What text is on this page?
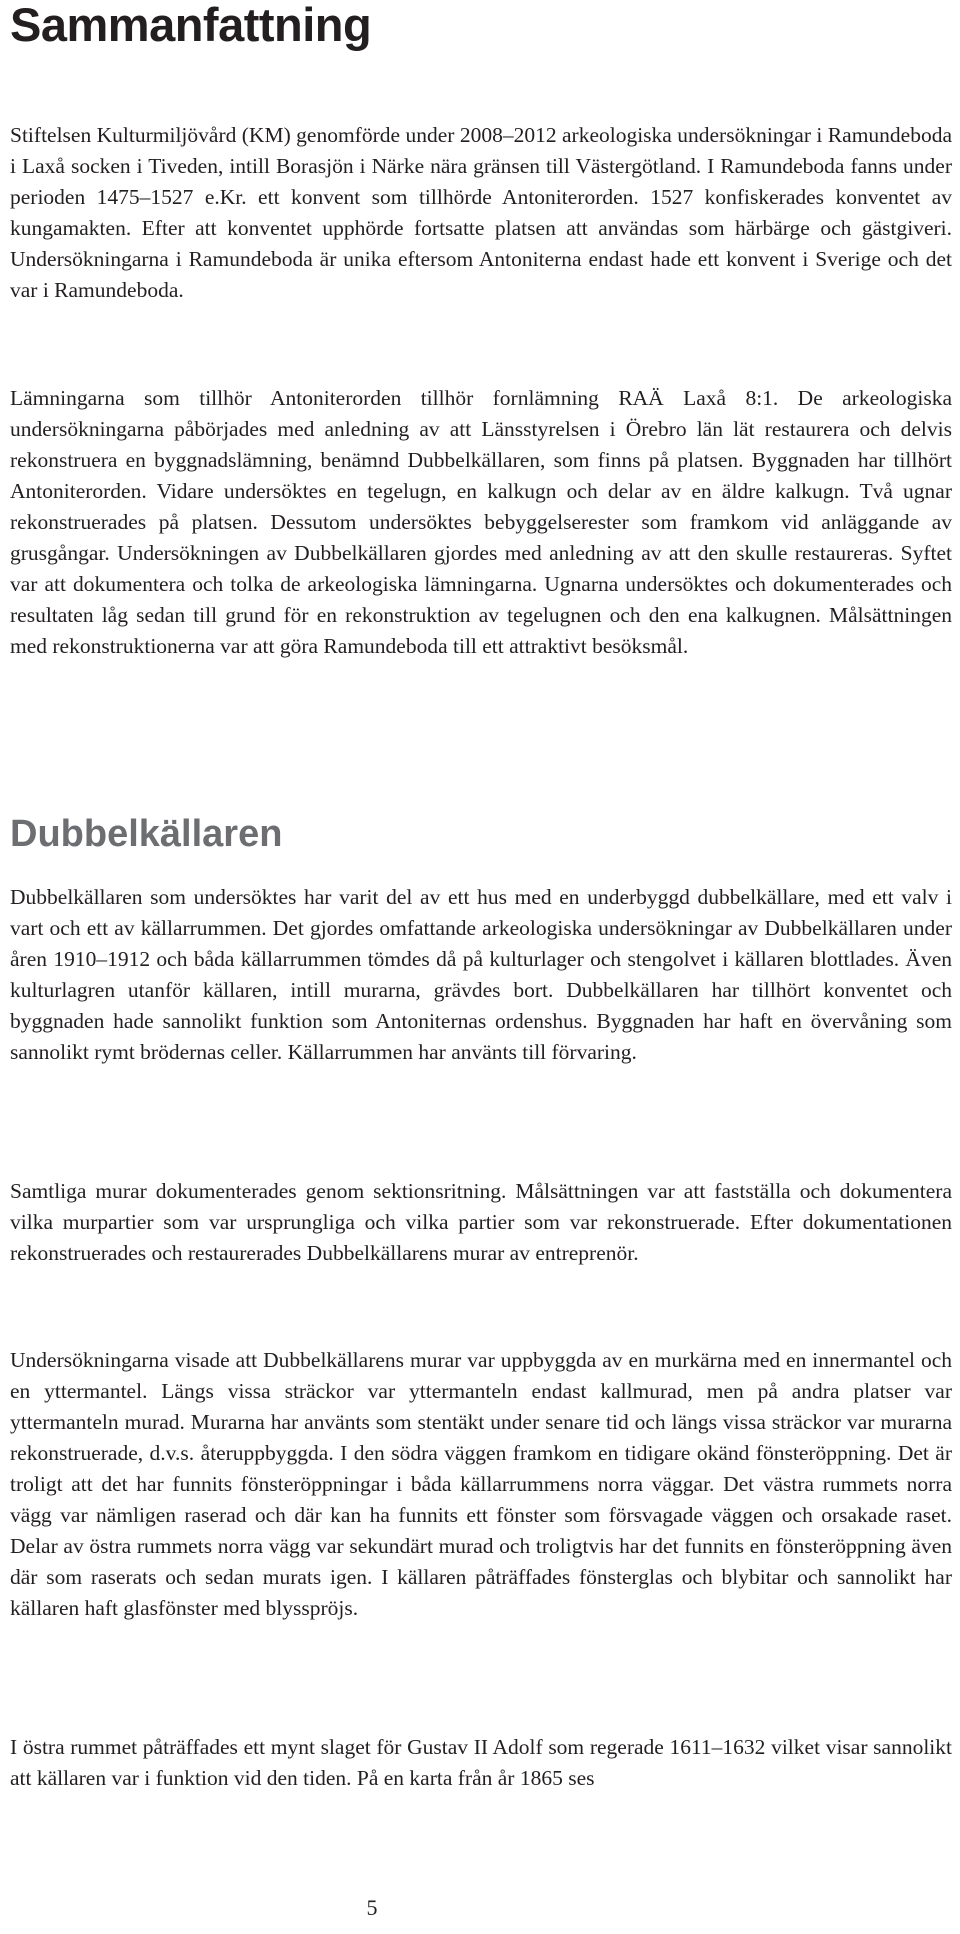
Sammanfattning

Stiftelsen Kulturmiljövård (KM) genomförde under 2008–2012 arkeologiska undersökningar i Ramundeboda i Laxå socken i Tiveden, intill Borasjön i Närke nära gränsen till Västergötland. I Ramundeboda fanns under perioden 1475–1527 e.Kr. ett konvent som tillhörde Antoniterorden. 1527 konfiskerades konventet av kungamakten. Efter att konventet upphörde fortsatte platsen att användas som härbärge och gästgiveri. Undersökningarna i Ramundeboda är unika eftersom Antoniterna endast hade ett konvent i Sverige och det var i Ramundeboda.

Lämningarna som tillhör Antoniterorden tillhör fornlämning RAÄ Laxå 8:1. De arkeologiska undersökningarna påbörjades med anledning av att Länsstyrelsen i Örebro län lät restaurera och delvis rekonstruera en byggnadslämning, benämnd Dubbelkällaren, som finns på platsen. Byggnaden har tillhört Antoniterorden. Vidare undersöktes en tegelugn, en kalkugn och delar av en äldre kalkugn. Två ugnar rekonstruerades på platsen. Dessutom undersöktes bebyggelserester som framkom vid anläggande av grusgångar. Undersökningen av Dubbelkällaren gjordes med anledning av att den skulle restaureras. Syftet var att dokumentera och tolka de arkeologiska lämningarna. Ugnarna undersöktes och dokumenterades och resultaten låg sedan till grund för en rekonstruktion av tegelugnen och den ena kalkugnen. Målsättningen med rekonstruktionerna var att göra Ramundeboda till ett attraktivt besöksmål.

Dubbelkällaren

Dubbelkällaren som undersöktes har varit del av ett hus med en underbyggd dubbelkällare, med ett valv i vart och ett av källarrummen. Det gjordes omfattande arkeologiska undersökningar av Dubbelkällaren under åren 1910–1912 och båda källarrummen tömdes då på kulturlager och stengolvet i källaren blottlades. Även kulturlagren utanför källaren, intill murarna, grävdes bort. Dubbelkällaren har tillhört konventet och byggnaden hade sannolikt funktion som Antoniternas ordenshus. Byggnaden har haft en övervåning som sannolikt rymt brödernas celler. Källarrummen har använts till förvaring.

Samtliga murar dokumenterades genom sektionsritning. Målsättningen var att fastställa och dokumentera vilka murpartier som var ursprungliga och vilka partier som var rekonstruerade. Efter dokumentationen rekonstruerades och restaurerades Dubbelkällarens murar av entreprenör.

Undersökningarna visade att Dubbelkällarens murar var uppbyggda av en murkärna med en innermantel och en yttermantel. Längs vissa sträckor var yttermanteln endast kallmurad, men på andra platser var yttermanteln murad. Murarna har använts som stentäkt under senare tid och längs vissa sträckor var murarna rekonstruerade, d.v.s. återuppbyggda. I den södra väggen framkom en tidigare okänd fönsteröppning. Det är troligt att det har funnits fönsteröppningar i båda källarrummens norra väggar. Det västra rummets norra vägg var nämligen raserad och där kan ha funnits ett fönster som försvagade väggen och orsakade raset. Delar av östra rummets norra vägg var sekundärt murad och troligtvis har det funnits en fönsteröppning även där som raserats och sedan murats igen. I källaren påträffades fönsterglas och blybitar och sannolikt har källaren haft glasfönster med blysspröjs.

I östra rummet påträffades ett mynt slaget för Gustav II Adolf som regerade 1611–1632 vilket visar sannolikt att källaren var i funktion vid den tiden. På en karta från år 1865 ses

5
